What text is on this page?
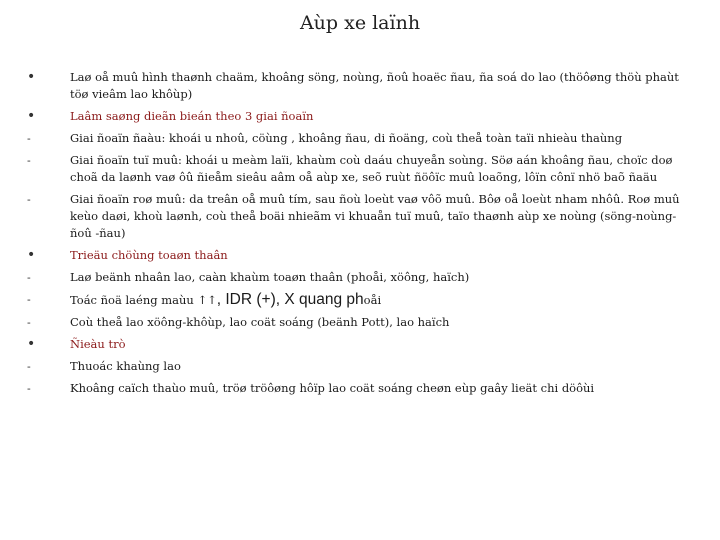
Aùp xe laïnh
•	Laø oå muû hình thaønh chaäm, khoâng söng, noùng, ñoû hoaëc ñau, ña soá do lao (thöôøng thöù phaùt töø vieâm lao khôùp)
•	Laâm saøng dieãn bieán theo 3 giai ñoaïn
-	Giai ñoaïn ñaàu: khoái u nhoû, cöùng , khoâng ñau, di ñoäng, coù theå toàn taïi nhieàu thaùng
-	Giai ñoaïn tuï muû: khoái u meàm laïi, khaùm coù daáu chuyeån soùng. Söø aán khoâng ñau, choïc doø choã da laønh vaø ôû ñieåm sieâu aâm oå aùp xe, seõ ruùt ñöôïc muû loaõng, lôïn cônï nhö baõ ñaäu
-	Giai ñoaïn roø muû: da treân oå muû tím, sau ñoù loeùt vaø vôõ muû. Bôø oå loeùt nham nhôû. Roø muû keùo daøi, khoù laønh, coù theå boäi nhieãm vi khuaån tuï muû, taïo thaønh aùp xe noùng (söng-noùng-ñoû -ñau)
•	Trieäu chöùng toaøn thaân
-	Laø beänh nhaân lao, caàn khaùm toaøn thaân (phoåi, xöông, haïch)
-	Toác ñoä laéng maùu ↑↑, IDR (+), X quang phoåi
-	Coù theå lao xöông-khôùp, lao coät soáng (beänh Pott), lao haïch
•	Ñieàu trò
-	Thuoác khaùng lao
-	Khoâng caïch thaùo muû, tröø tröôøng hôïp lao coät soáng cheøn eùp gaây lieät chi döôùi
